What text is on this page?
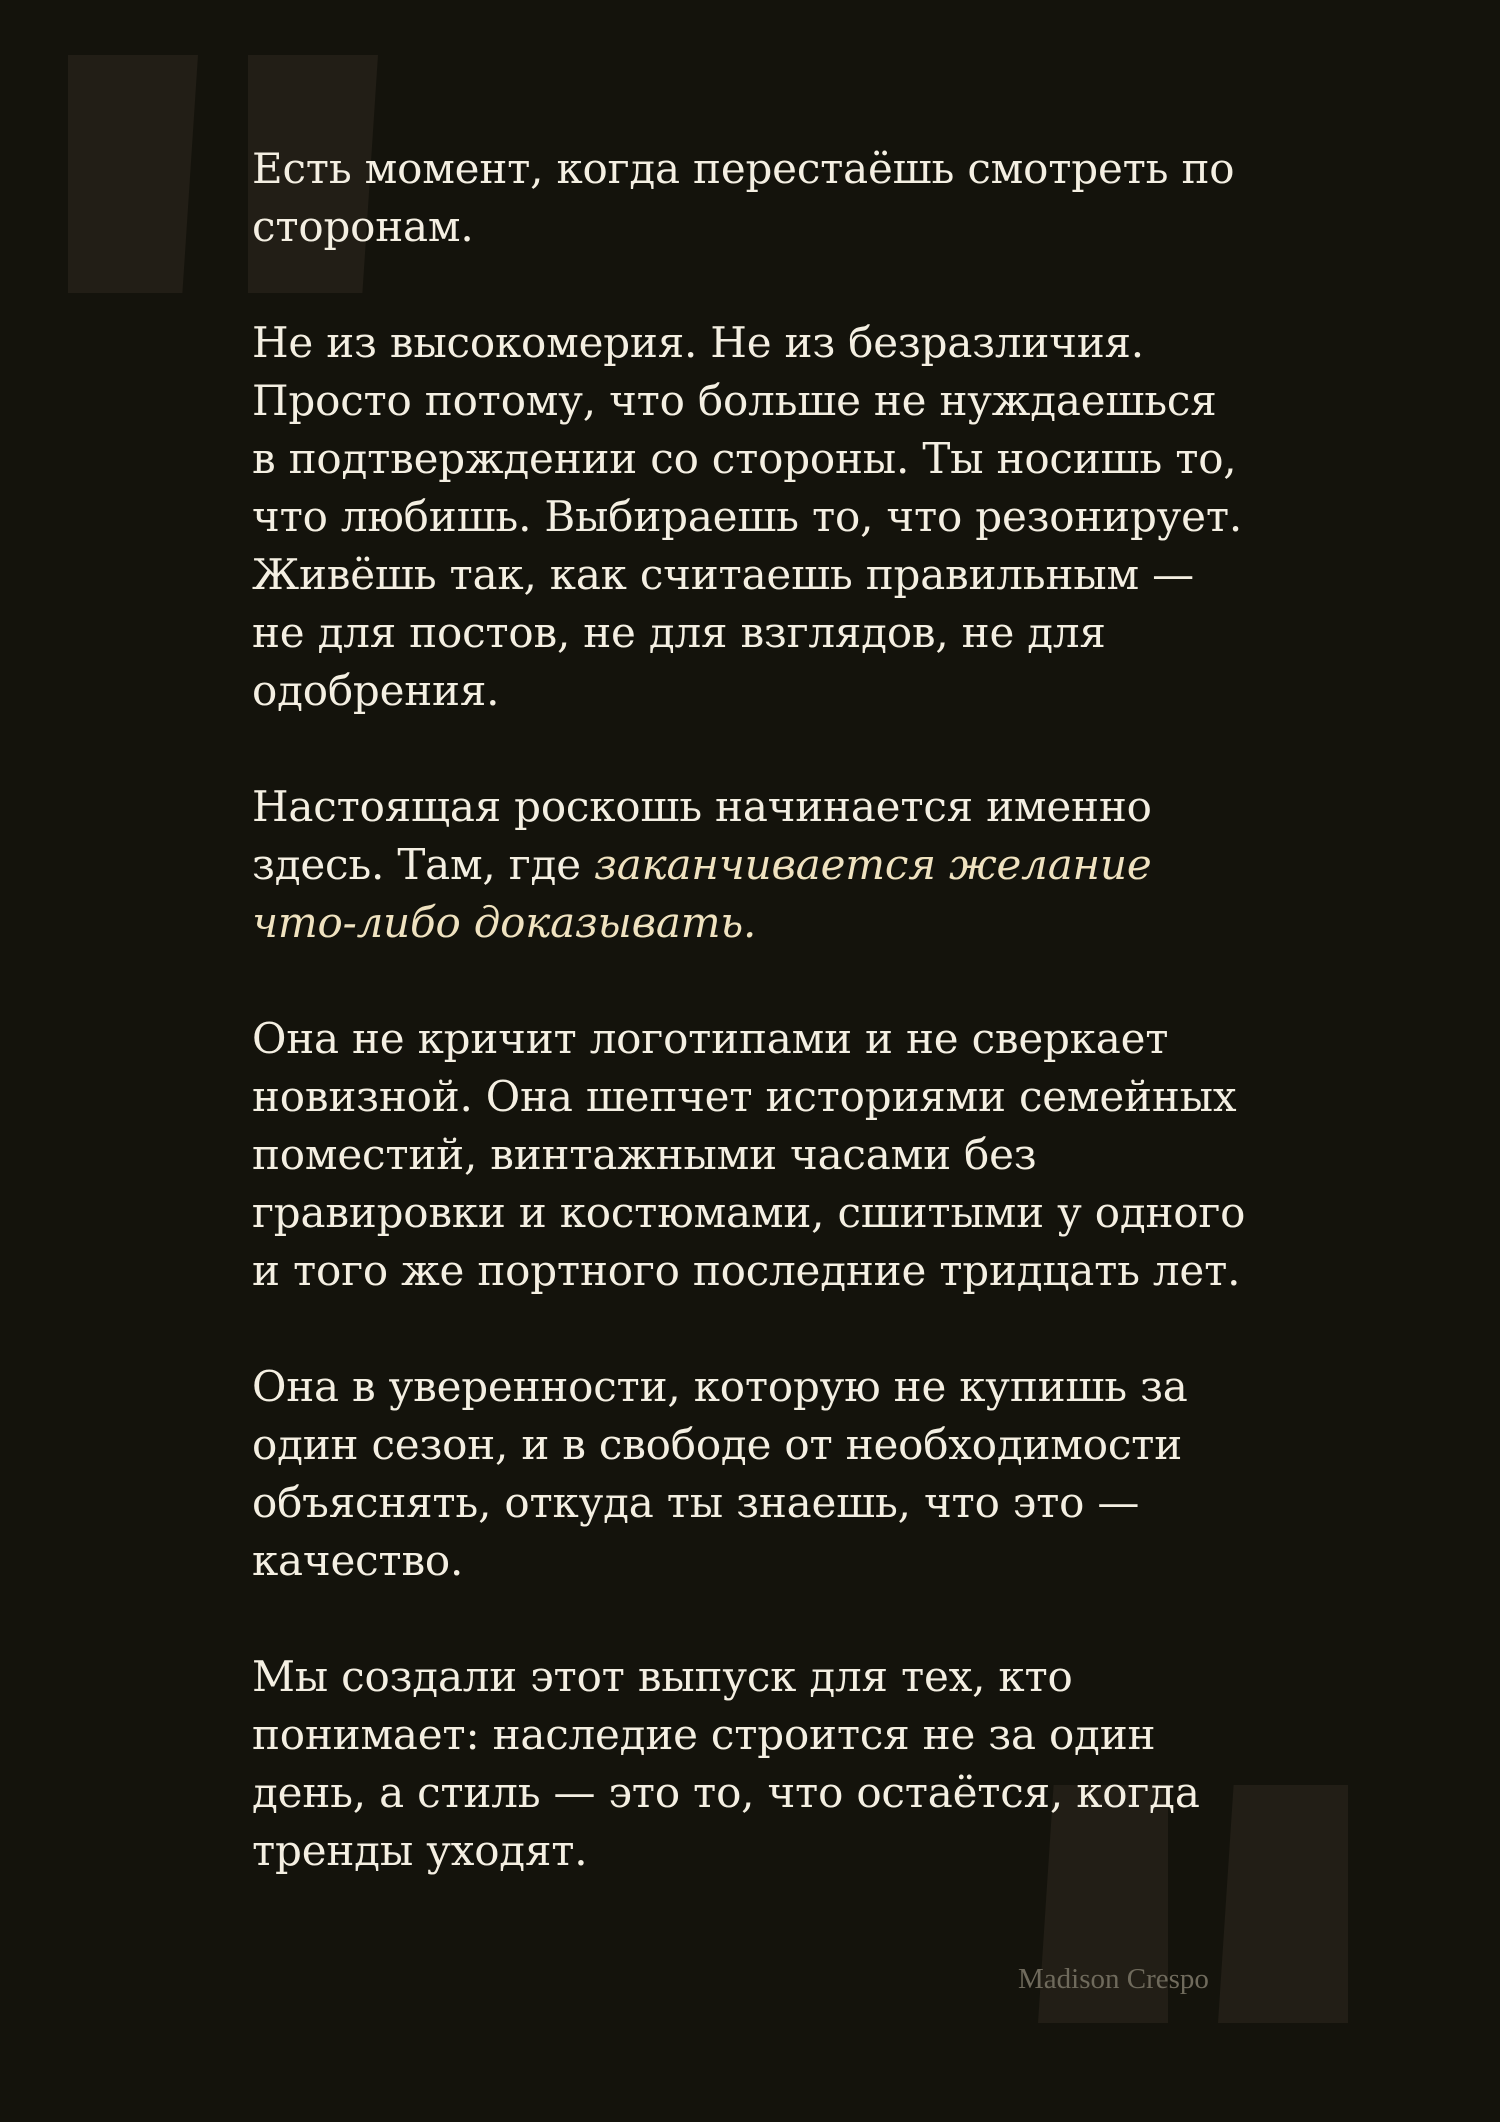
Есть момент, когда перестаёшь смотреть по сторонам.

Не из высокомерия. Не из безразличия. Просто потому, что больше не нуждаешься в подтверждении со стороны. Ты носишь то, что любишь. Выбираешь то, что резонирует. Живёшь так, как считаешь правильным — не для постов, не для взглядов, не для одобрения.

Настоящая роскошь начинается именно здесь. Там, где заканчивается желание что-либо доказывать.

Она не кричит логотипами и не сверкает новизной. Она шепчет историями семейных поместий, винтажными часами без гравировки и костюмами, сшитыми у одного и того же портного последние тридцать лет.

Она в уверенности, которую не купишь за один сезон, и в свободе от необходимости объяснять, откуда ты знаешь, что это — качество.

Мы создали этот выпуск для тех, кто понимает: наследие строится не за один день, а стиль — это то, что остаётся, когда тренды уходят.

Madison Crespo
